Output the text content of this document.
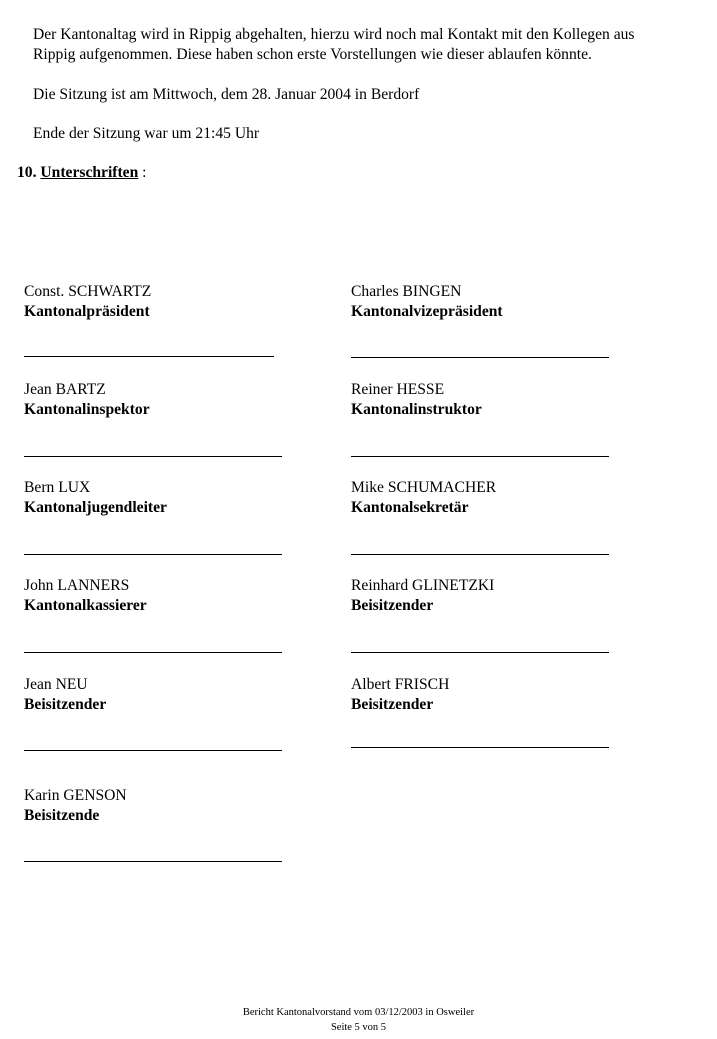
Der Kantonaltag wird in Rippig abgehalten, hierzu wird noch mal Kontakt mit den Kollegen aus

Rippig aufgenommen. Diese haben schon erste Vorstellungen wie dieser ablaufen könnte.

Die Sitzung ist am Mittwoch, dem 28. Januar 2004 in Berdorf
Ende der Sitzung war um 21:45 Uhr
10. Unterschriften :
Const. SCHWARTZ
Kantonalpräsident
Jean BARTZ
Kantonalinspektor
Bern LUX
Kantonaljugendleiter
John LANNERS
Kantonalkassierer
Jean NEU
Beisitzender
Karin GENSON
Beisitzende
Charles BINGEN
Kantonalvizepräsident
Reiner HESSE
Kantonalinstruktor
Mike SCHUMACHER
Kantonalsekretär
Reinhard GLINETZKI
Beisitzender
Albert FRISCH
Beisitzender
Bericht Kantonalvorstand vom 03/12/2003 in Osweiler
Seite 5 von 5
